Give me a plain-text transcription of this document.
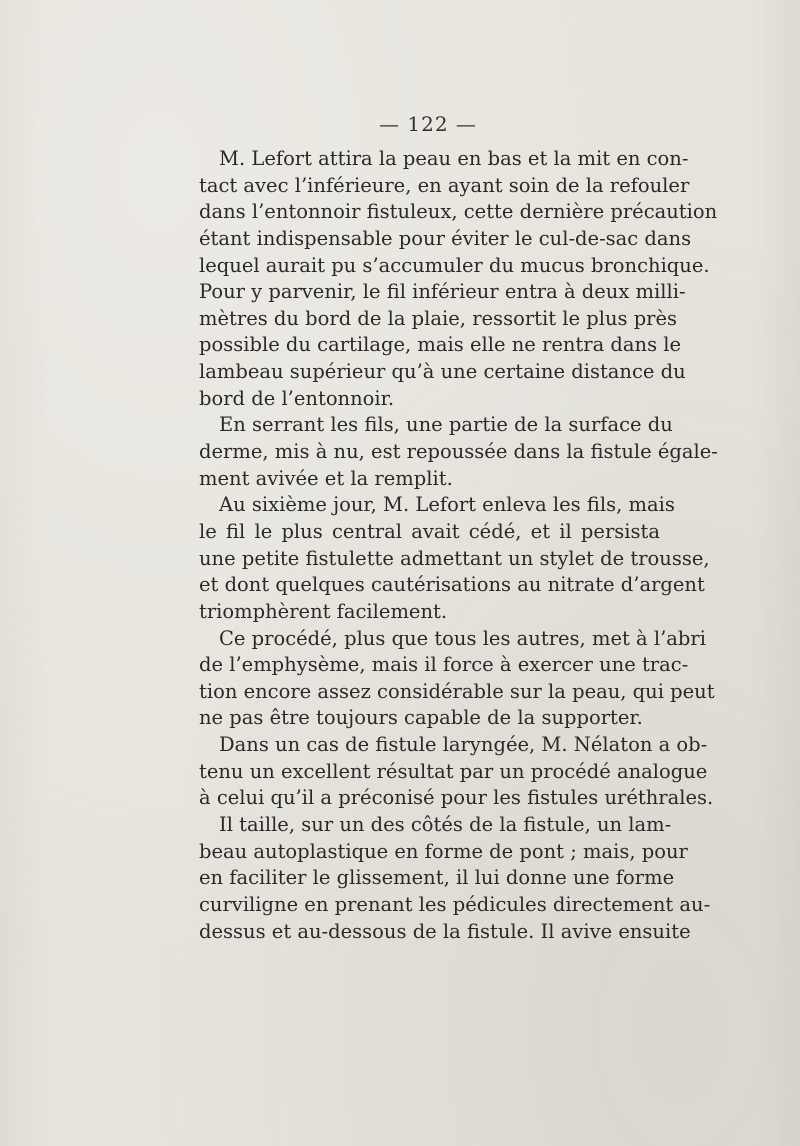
— 122 —
M. Lefort attira la peau en bas et la mit en con-
tact avec l’inférieure, en ayant soin de la refouler
dans l’entonnoir fistuleux, cette dernière précaution
étant indispensable pour éviter le cul-de-sac dans
lequel aurait pu s’accumuler du mucus bronchique.
Pour y parvenir, le fil inférieur entra à deux milli-
mètres du bord de la plaie, ressortit le plus près
possible du cartilage, mais elle ne rentra dans le
lambeau supérieur qu’à une certaine distance du
bord de l’entonnoir.
En serrant les fils, une partie de la surface du
derme, mis à nu, est repoussée dans la fistule égale-
ment avivée et la remplit.
Au sixième jour, M. Lefort enleva les fils, mais
le fil le plus central avait cédé, et il persista
une petite fistulette admettant un stylet de trousse,
et dont quelques cautérisations au nitrate d’argent
triomphèrent facilement.
Ce procédé, plus que tous les autres, met à l’abri
de l’emphysème, mais il force à exercer une trac-
tion encore assez considérable sur la peau, qui peut
ne pas être toujours capable de la supporter.
Dans un cas de fistule laryngée, M. Nélaton a ob-
tenu un excellent résultat par un procédé analogue
à celui qu’il a préconisé pour les fistules uréthrales.
Il taille, sur un des côtés de la fistule, un lam-
beau autoplastique en forme de pont ; mais, pour
en faciliter le glissement, il lui donne une forme
curviligne en prenant les pédicules directement au-
dessus et au-dessous de la fistule. Il avive ensuite
